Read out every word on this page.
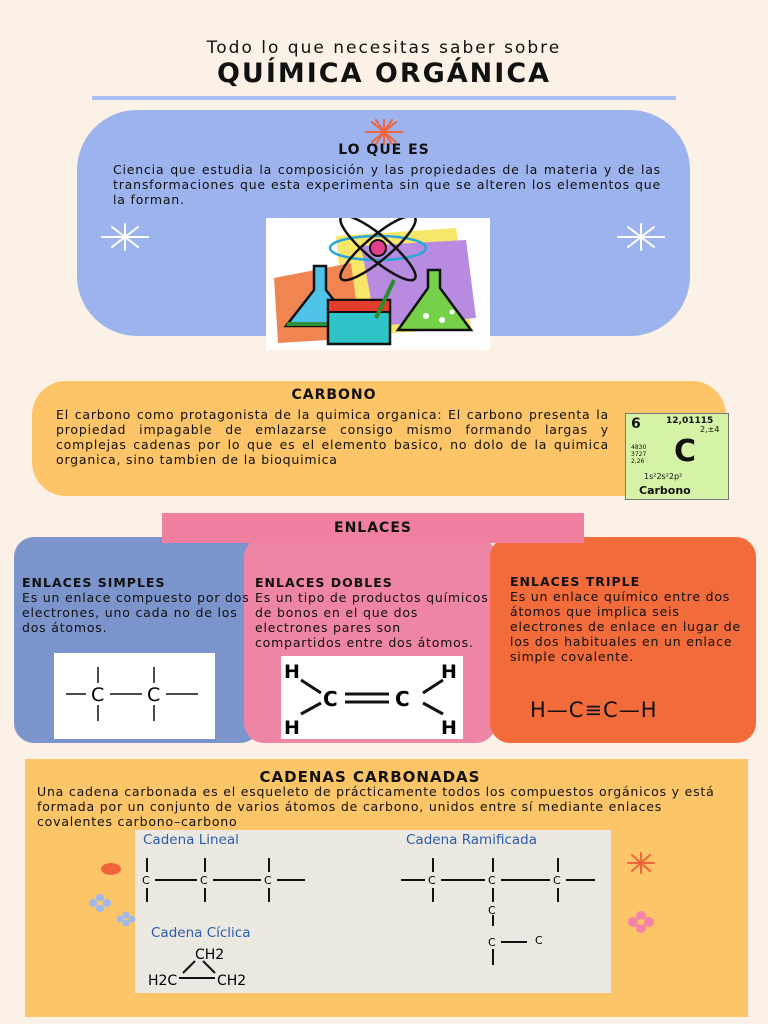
Todo lo que necesitas saber sobre
QUÍMICA ORGÁNICA
LO QUE ES
Ciencia que estudia la composición y las propiedades de la materia y de las transformaciones que esta experimenta sin que se alteren los elementos que la forman.
CARBONO
El carbono como protagonista de la quimica organica: El carbono presenta la propiedad impagable de emlazarse consigo mismo formando largas y complejas cadenas por lo que es el elemento basico, no dolo de la quimica organica, sino tambien de la bioquimica
6	12,01115
2,±4
4830
3727
2,26 C
1s²2s²2p²
Carbono
ENLACES
ENLACES SIMPLES
Es un enlace compuesto por dos electrones, uno cada no de los dos átomos.
ENLACES DOBLES
Es un tipo de productos químicos de bonos en el que dos electrones pares son compartidos entre dos átomos.
ENLACES TRIPLE
Es un enlace químico entre dos átomos que implica seis electrones de enlace en lugar de los dos habituales en un enlace simple covalente.
C C
H
H
H
H
C	C	H—C≡C—H
CADENAS CARBONADAS
Una cadena carbonada es el esqueleto de prácticamente todos los compuestos orgánicos y está formada por un conjunto de varios átomos de carbono, unidos entre sí mediante enlaces covalentes carbono–carbono
Cadena Lineal	Cadena Ramificada
Cadena Cíclica
C	C	C	C	C	C
C
C	C
CH2
H2C	CH2
